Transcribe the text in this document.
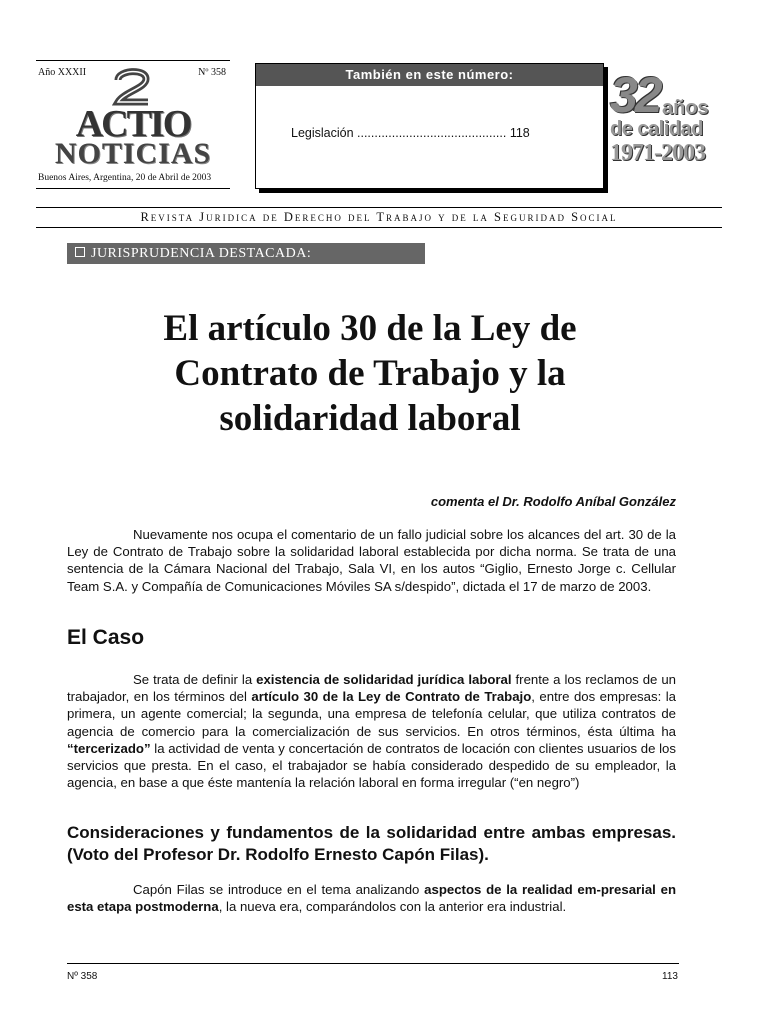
Año XXXII	Nº 358
ACTIO
NOTICIAS
Buenos Aires, Argentina, 20 de Abril de 2003
También en este número:
Legislación ........................................... 118
32 años
de calidad
1971-2003
Revista Juridica de Derecho del Trabajo y de la Seguridad Social
JURISPRUDENCIA DESTACADA:
El artículo 30 de la Ley de
Contrato de Trabajo y la
solidaridad laboral
comenta el Dr. Rodolfo Aníbal González
Nuevamente nos ocupa el comentario de un fallo judicial sobre los alcances del art. 30 de la Ley de Contrato de Trabajo sobre la solidaridad laboral establecida por dicha norma. Se trata de una sentencia de la Cámara Nacional del Trabajo, Sala VI, en los autos “Giglio, Ernesto Jorge c. Cellular Team S.A. y Compañía de Comunicaciones Móviles SA s/despido”, dictada el 17 de marzo de 2003.
El Caso
Se trata de definir la existencia de solidaridad jurídica laboral frente a los reclamos de un trabajador, en los términos del artículo 30 de la Ley de Contrato de Trabajo, entre dos empresas: la primera, un agente comercial; la segunda, una empresa de telefonía celular, que utiliza contratos de agencia de comercio para la comercialización de sus servicios. En otros términos, ésta última ha “tercerizado” la actividad de venta y concertación de contratos de locación con clientes usuarios de los servicios que presta. En el caso, el trabajador se había considerado despedido de su empleador, la agencia, en base a que éste mantenía la relación laboral en forma irregular (“en negro”)
Consideraciones y fundamentos de la solidaridad entre ambas empresas. (Voto del Profesor Dr. Rodolfo Ernesto Capón Filas).
Capón Filas se introduce en el tema analizando aspectos de la realidad em-presarial en esta etapa postmoderna, la nueva era, comparándolos con la anterior era industrial.
Nº 358	113
